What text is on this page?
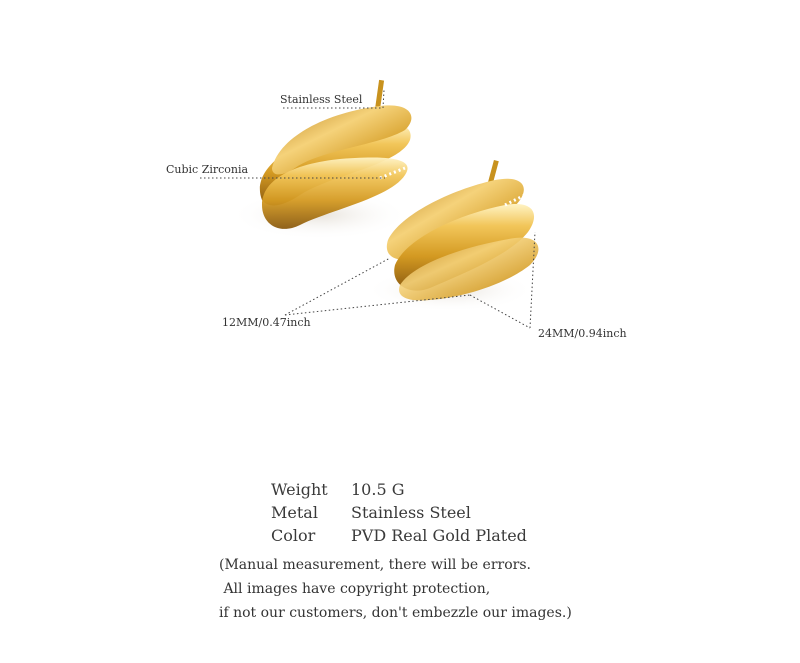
Stainless Steel
Cubic Zirconia
12MM/0.47inch
24MM/0.94inch
Weight	10.5 G
Metal	Stainless Steel
Color	PVD Real Gold Plated
(Manual measurement, there will be errors.
All images have copyright protection,
if not our customers, don't embezzle our images.)
